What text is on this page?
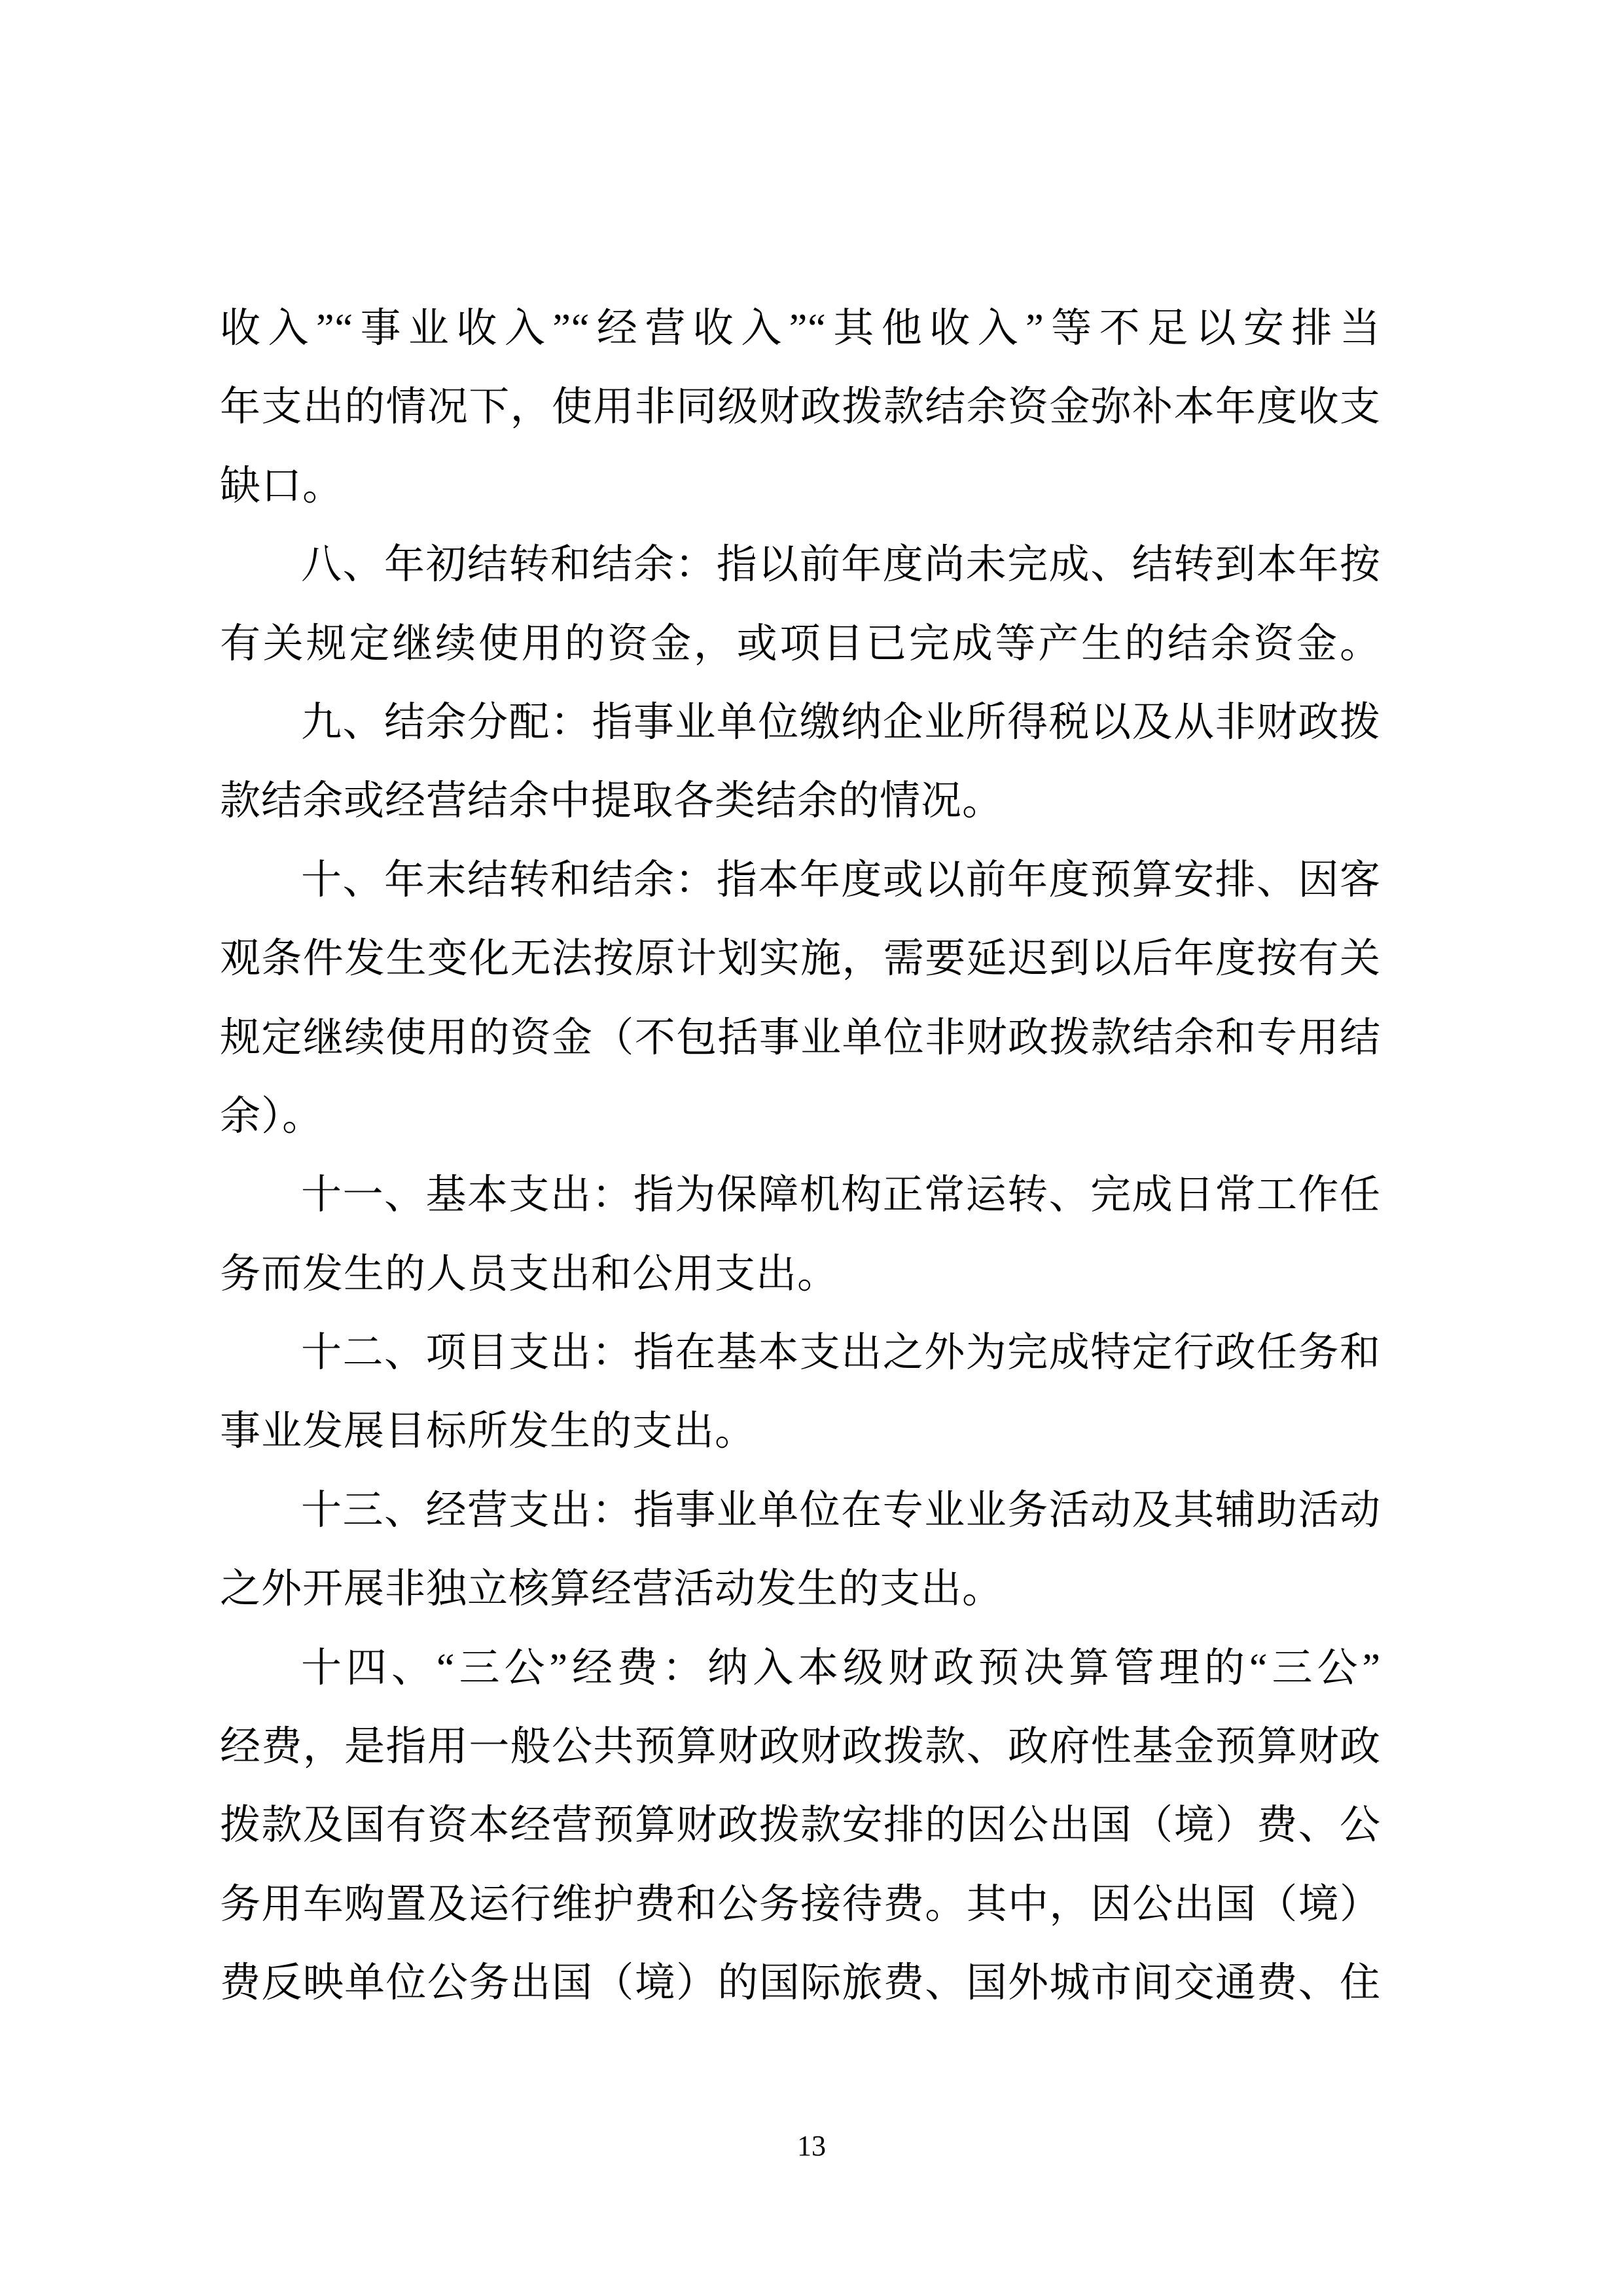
收入”“事业收入”“经营收入”“其他收入”等不足以安排当
年支出的情况下，使用非同级财政拨款结余资金弥补本年度收支
缺口。
八、年初结转和结余：指以前年度尚未完成、结转到本年按
有关规定继续使用的资金，或项目已完成等产生的结余资金。
九、结余分配：指事业单位缴纳企业所得税以及从非财政拨
款结余或经营结余中提取各类结余的情况。
十、年末结转和结余：指本年度或以前年度预算安排、因客
观条件发生变化无法按原计划实施，需要延迟到以后年度按有关
规定继续使用的资金（不包括事业单位非财政拨款结余和专用结
余）。
十一、基本支出：指为保障机构正常运转、完成日常工作任
务而发生的人员支出和公用支出。
十二、项目支出：指在基本支出之外为完成特定行政任务和
事业发展目标所发生的支出。
十三、经营支出：指事业单位在专业业务活动及其辅助活动
之外开展非独立核算经营活动发生的支出。
十四、“三公”经费：纳入本级财政预决算管理的“三公”
经费，是指用一般公共预算财政财政拨款、政府性基金预算财政
拨款及国有资本经营预算财政拨款安排的因公出国（境）费、公
务用车购置及运行维护费和公务接待费。其中，因公出国（境）
费反映单位公务出国（境）的国际旅费、国外城市间交通费、住
13
